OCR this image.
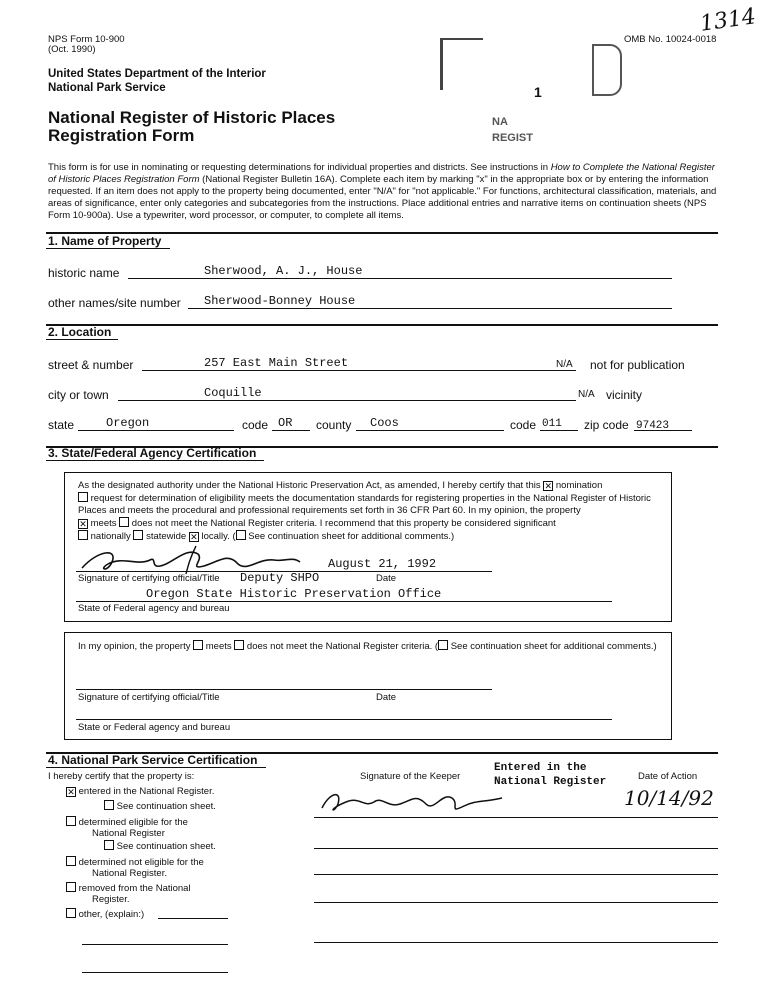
NPS Form 10-900
(Oct. 1990)
OMB No. 10024-0018
1314
United States Department of the Interior
National Park Service
National Register of Historic Places
Registration Form
1
NA
REGIST
This form is for use in nominating or requesting determinations for individual properties and districts. See instructions in How to Complete the National Register of Historic Places Registration Form (National Register Bulletin 16A). Complete each item by marking "x" in the appropriate box or by entering the information requested. If an item does not apply to the property being documented, enter "N/A" for "not applicable." For functions, architectural classification, materials, and areas of significance, enter only categories and subcategories from the instructions. Place additional entries and narrative items on continuation sheets (NPS Form 10-900a). Use a typewriter, word processor, or computer, to complete all items.
1. Name of Property
historic name	Sherwood, A. J., House
other names/site number Sherwood-Bonney House
2. Location
street & number	257 East Main Street	N/A not for publication
city or town	Coquille	N/A vicinity
state	Oregon	code OR county Coos	code 011 zip code 97423
3. State/Federal Agency Certification
As the designated authority under the National Historic Preservation Act, as amended, I hereby certify that this ✕ nomination
request for determination of eligibility meets the documentation standards for registering properties in the National Register of Historic Places and meets the procedural and professional requirements set forth in 36 CFR Part 60. In my opinion, the property
✕ meets does not meet the National Register criteria. I recommend that this property be considered significant
nationally statewide ✕ locally. ( See continuation sheet for additional comments.)
August 21, 1992
Signature of certifying official/Title Deputy SHPO	Date
Oregon State Historic Preservation Office
State of Federal agency and bureau
In my opinion, the property meets does not meet the National Register criteria. ( See continuation sheet for additional comments.)
Signature of certifying official/Title	Date
State or Federal agency and bureau
4. National Park Service Certification
I hereby certify that the property is:	Signature of the Keeper	Date of Action
Entered in the
National Register
10/14/92
✕ entered in the National Register.
See continuation sheet.
determined eligible for the
National Register
See continuation sheet.
determined not eligible for the
National Register.
removed from the National
Register.
other, (explain:)
